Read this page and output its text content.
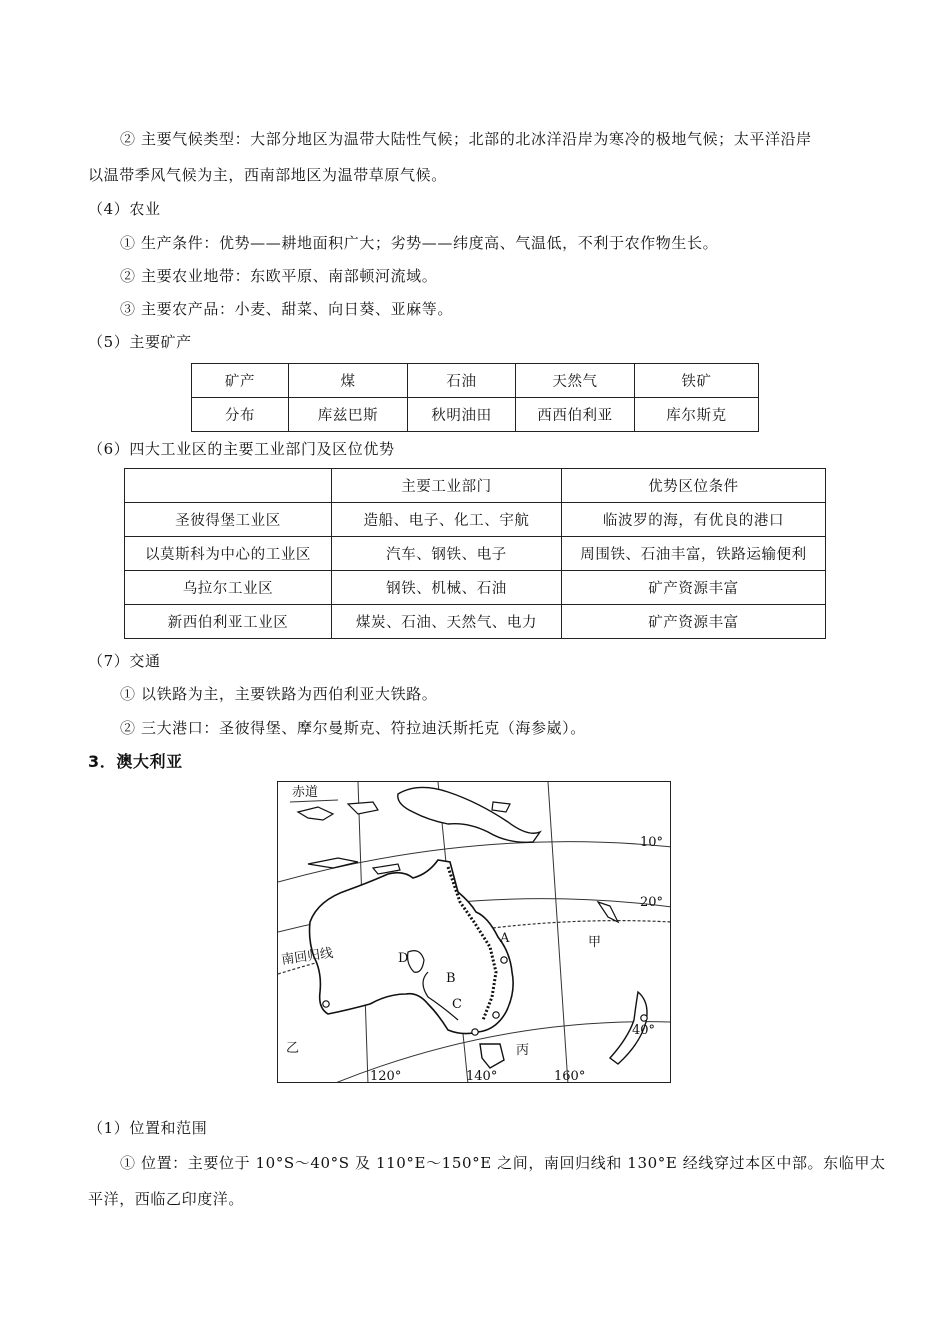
② 主要气候类型：大部分地区为温带大陆性气候；北部的北冰洋沿岸为寒冷的极地气候；太平洋沿岸
以温带季风气候为主，西南部地区为温带草原气候。
（4）农业
① 生产条件：优势——耕地面积广大；劣势——纬度高、气温低，不利于农作物生长。
② 主要农业地带：东欧平原、南部顿河流域。
③ 主要农产品：小麦、甜菜、向日葵、亚麻等。
（5）主要矿产
矿产	煤	石油	天然气	铁矿
分布	库兹巴斯	秋明油田	西西伯利亚	库尔斯克
（6）四大工业区的主要工业部门及区位优势
	主要工业部门	优势区位条件
圣彼得堡工业区	造船、电子、化工、宇航	临波罗的海，有优良的港口
以莫斯科为中心的工业区	汽车、钢铁、电子	周围铁、石油丰富，铁路运输便利
乌拉尔工业区	钢铁、机械、石油	矿产资源丰富
新西伯利亚工业区	煤炭、石油、天然气、电力	矿产资源丰富
（7）交通
① 以铁路为主，主要铁路为西伯利亚大铁路。
② 三大港口：圣彼得堡、摩尔曼斯克、符拉迪沃斯托克（海参崴）。
3．澳大利亚
赤道
10°
20°
40°
南回归线
120°	140°	160°
A
B
C
D
甲
乙	丙
（1）位置和范围
① 位置：主要位于 10°S～40°S 及 110°E～150°E 之间，南回归线和 130°E 经线穿过本区中部。东临甲太
平洋，西临乙印度洋。
